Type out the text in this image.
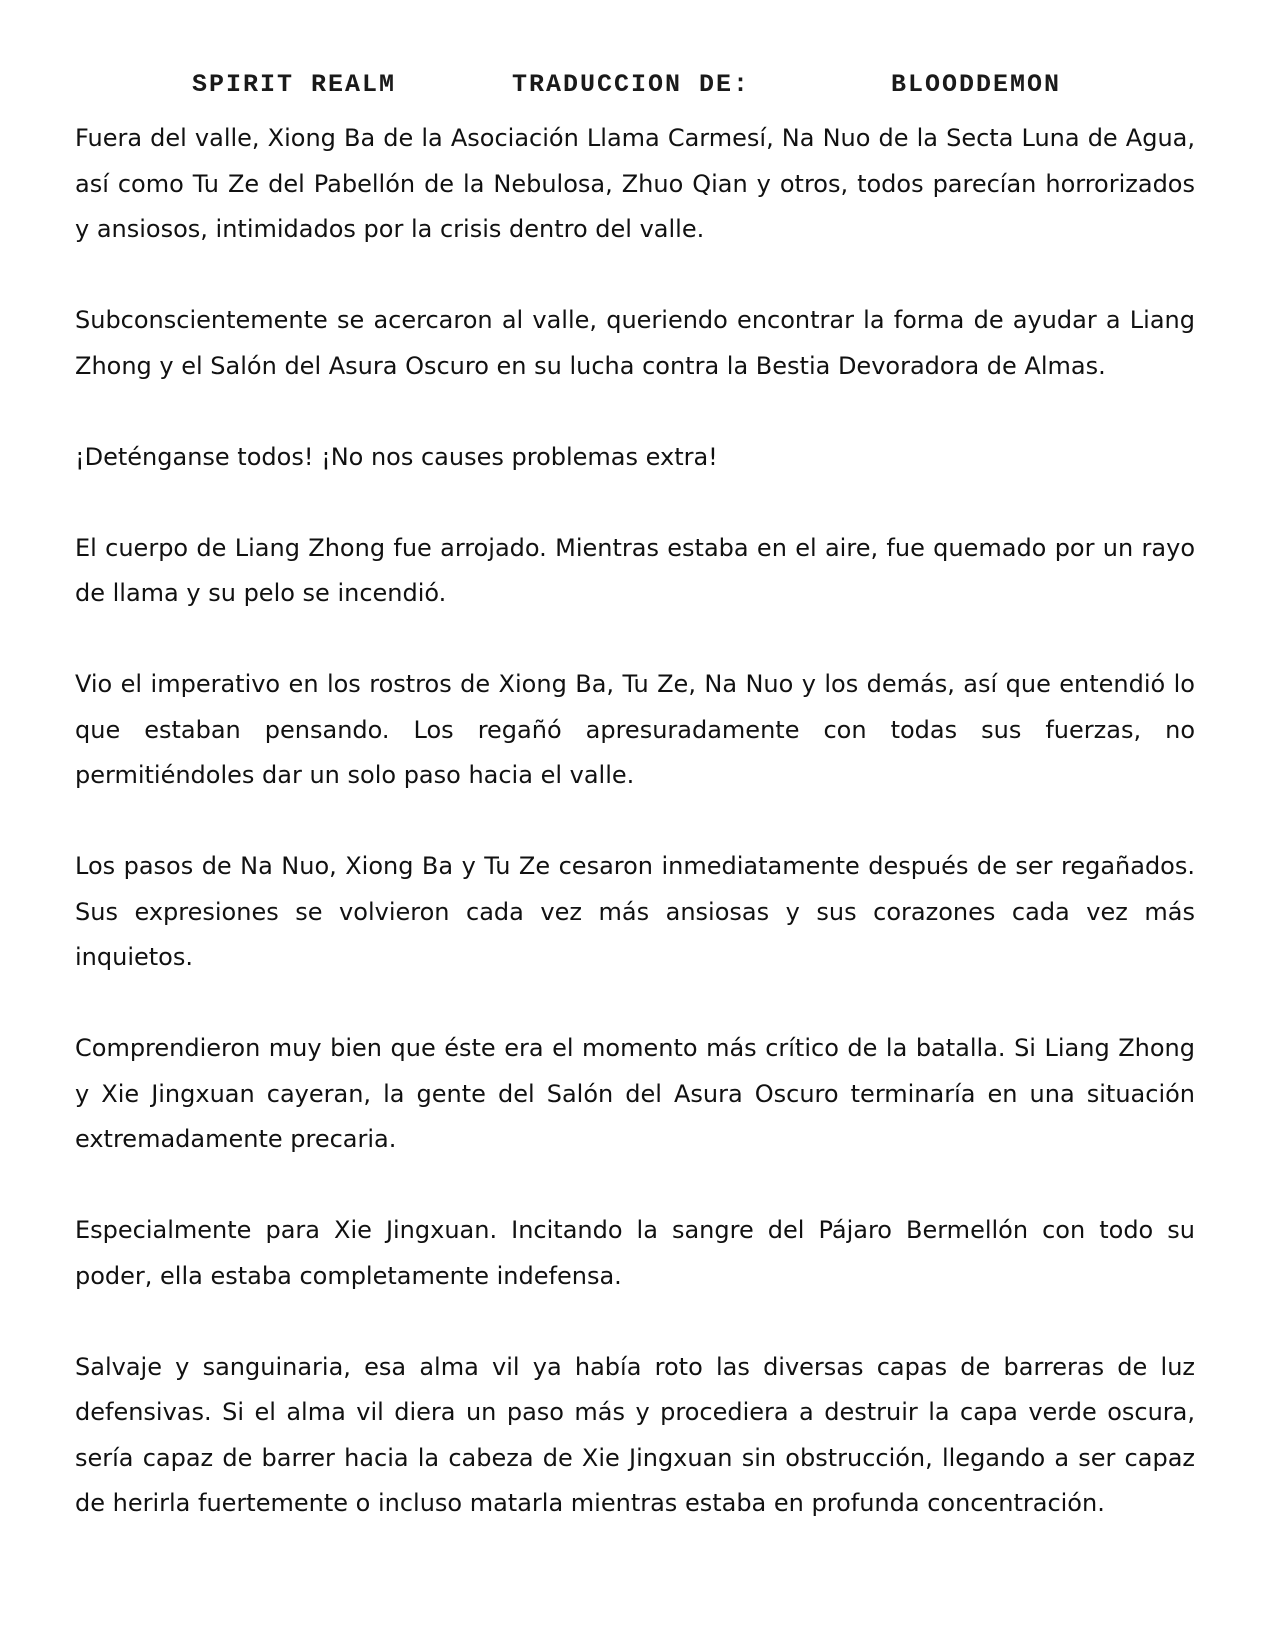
SPIRIT REALM	TRADUCCION DE:	BLOODDEMON

Fuera del valle, Xiong Ba de la Asociación Llama Carmesí, Na Nuo de la Secta Luna de Agua, así como Tu Ze del Pabellón de la Nebulosa, Zhuo Qian y otros, todos parecían horrorizados y ansiosos, intimidados por la crisis dentro del valle.

Subconscientemente se acercaron al valle, queriendo encontrar la forma de ayudar a Liang Zhong y el Salón del Asura Oscuro en su lucha contra la Bestia Devoradora de Almas.

¡Deténganse todos! ¡No nos causes problemas extra!

El cuerpo de Liang Zhong fue arrojado. Mientras estaba en el aire, fue quemado por un rayo de llama y su pelo se incendió.

Vio el imperativo en los rostros de Xiong Ba, Tu Ze, Na Nuo y los demás, así que entendió lo que estaban pensando. Los regañó apresuradamente con todas sus fuerzas, no permitiéndoles dar un solo paso hacia el valle.

Los pasos de Na Nuo, Xiong Ba y Tu Ze cesaron inmediatamente después de ser regañados. Sus expresiones se volvieron cada vez más ansiosas y sus corazones cada vez más inquietos.

Comprendieron muy bien que éste era el momento más crítico de la batalla. Si Liang Zhong y Xie Jingxuan cayeran, la gente del Salón del Asura Oscuro terminaría en una situación extremadamente precaria.

Especialmente para Xie Jingxuan. Incitando la sangre del Pájaro Bermellón con todo su poder, ella estaba completamente indefensa.

Salvaje y sanguinaria, esa alma vil ya había roto las diversas capas de barreras de luz defensivas. Si el alma vil diera un paso más y procediera a destruir la capa verde oscura, sería capaz de barrer hacia la cabeza de Xie Jingxuan sin obstrucción, llegando a ser capaz de herirla fuertemente o incluso matarla mientras estaba en profunda concentración.
